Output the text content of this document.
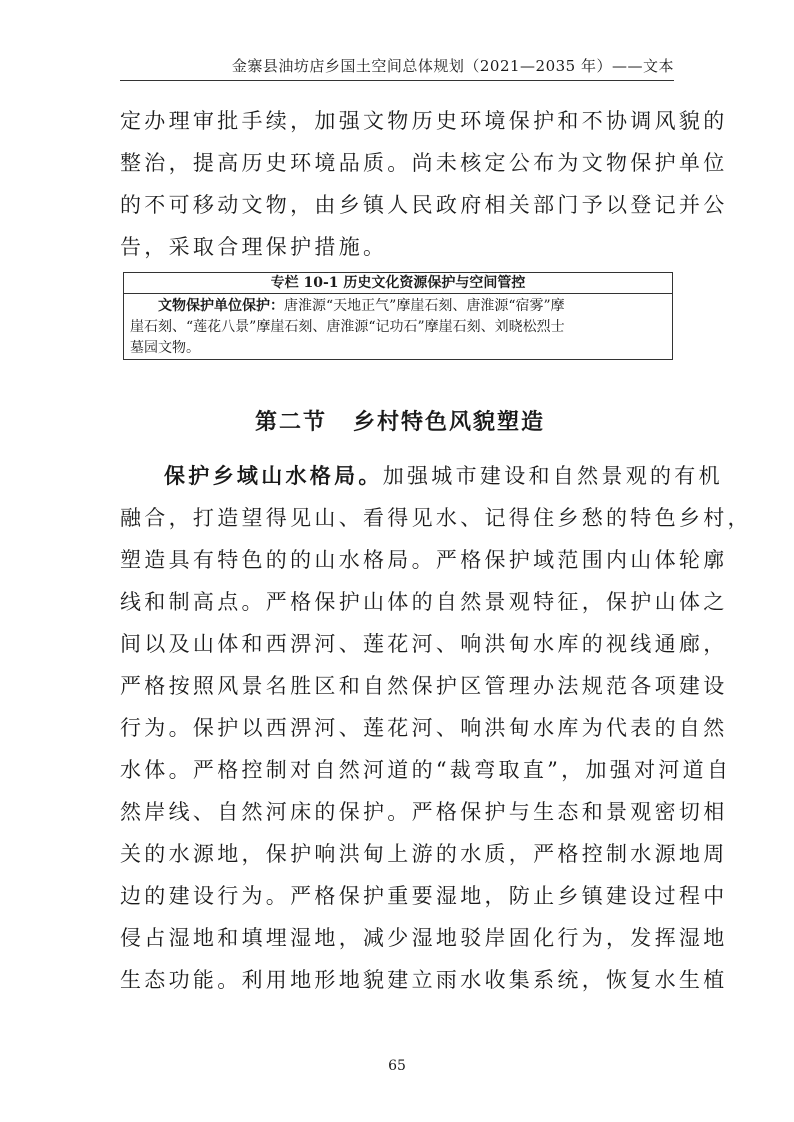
金寨县油坊店乡国土空间总体规划（2021—2035 年）——文本
定办理审批手续，加强文物历史环境保护和不协调风貌的
整治，提高历史环境品质。尚未核定公布为文物保护单位
的不可移动文物，由乡镇人民政府相关部门予以登记并公
告，采取合理保护措施。
专栏 10-1 历史文化资源保护与空间管控
文物保护单位保护：唐淮源“天地正气”摩崖石刻、唐淮源“宿雾”摩
崖石刻、“莲花八景”摩崖石刻、唐淮源“记功石”摩崖石刻、刘晓松烈士
墓园文物。
第二节 乡村特色风貌塑造
保护乡域山水格局。加强城市建设和自然景观的有机
融合，打造望得见山、看得见水、记得住乡愁的特色乡村，
塑造具有特色的的山水格局。严格保护域范围内山体轮廓
线和制高点。严格保护山体的自然景观特征，保护山体之
间以及山体和西淠河、莲花河、响洪甸水库的视线通廊，
严格按照风景名胜区和自然保护区管理办法规范各项建设
行为。保护以西淠河、莲花河、响洪甸水库为代表的自然
水体。严格控制对自然河道的“裁弯取直”，加强对河道自
然岸线、自然河床的保护。严格保护与生态和景观密切相
关的水源地，保护响洪甸上游的水质，严格控制水源地周
边的建设行为。严格保护重要湿地，防止乡镇建设过程中
侵占湿地和填埋湿地，减少湿地驳岸固化行为，发挥湿地
生态功能。利用地形地貌建立雨水收集系统，恢复水生植
65
